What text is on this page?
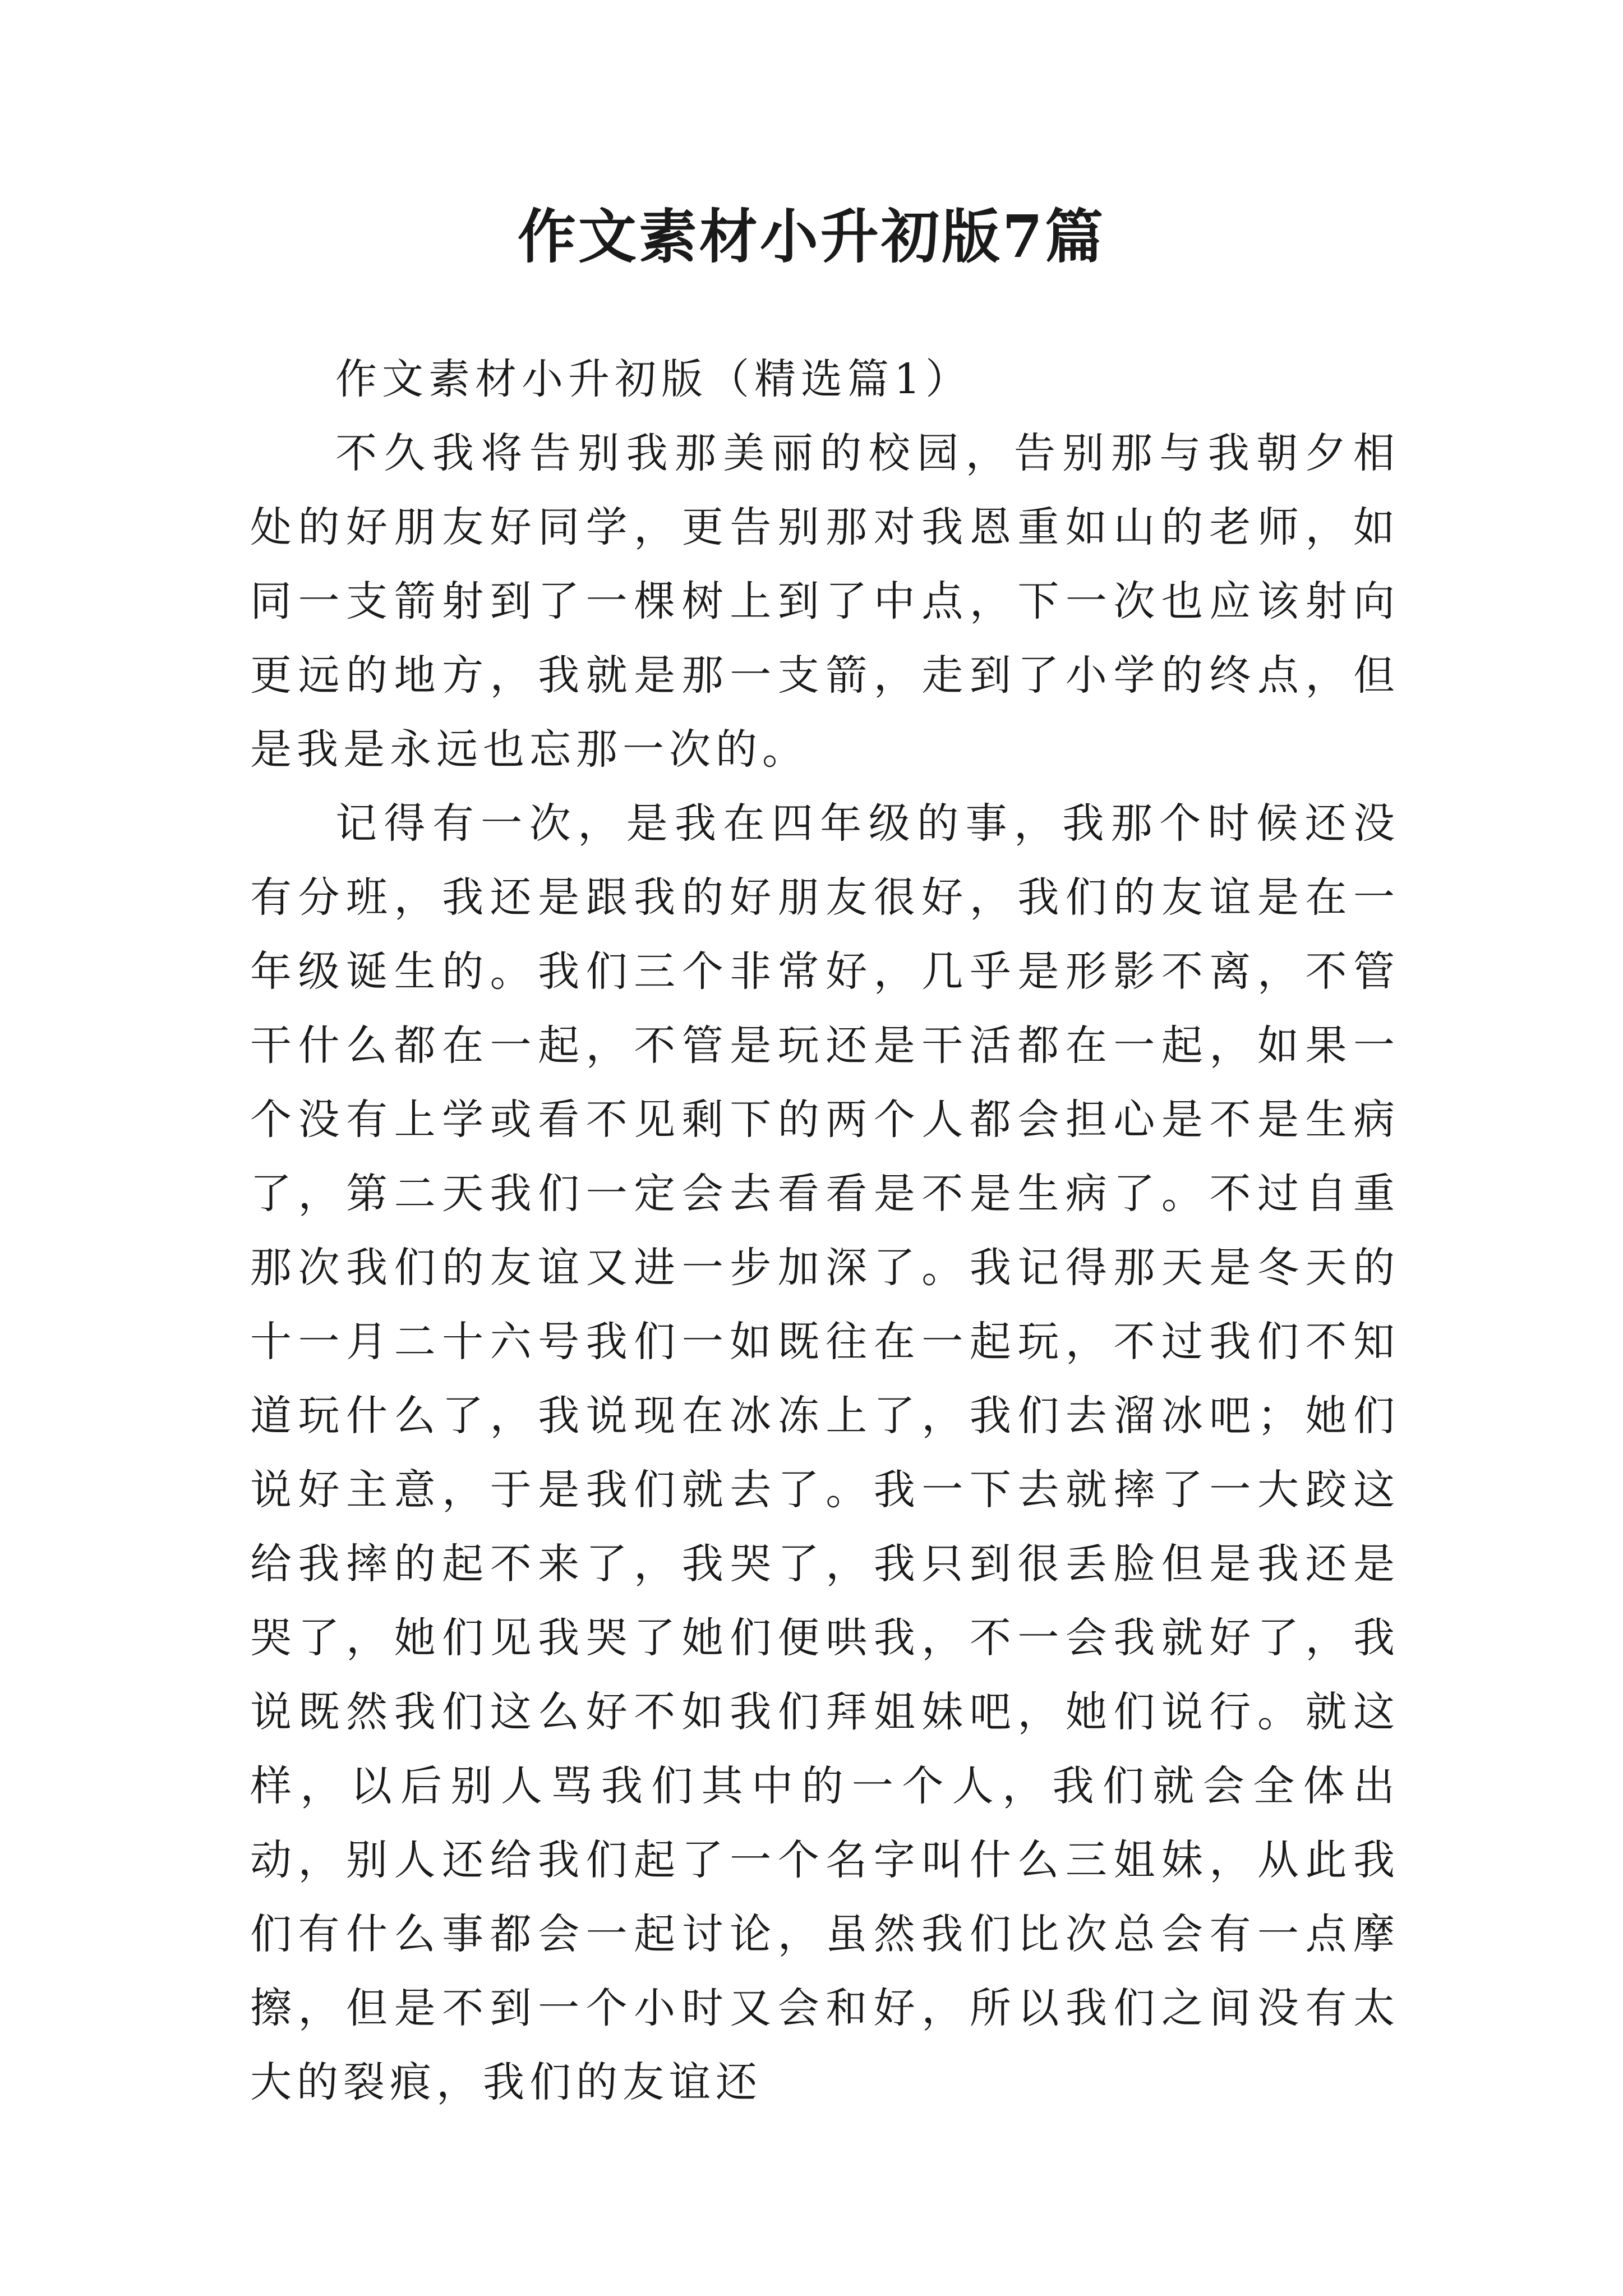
作文素材小升初版7篇
作文素材小升初版（精选篇1）

不久我将告别我那美丽的校园，告别那与我朝夕相处的好朋友好同学，更告别那对我恩重如山的老师，如同一支箭射到了一棵树上到了中点，下一次也应该射向更远的地方，我就是那一支箭，走到了小学的终点，但是我是永远也忘那一次的。

记得有一次，是我在四年级的事，我那个时候还没有分班，我还是跟我的好朋友很好，我们的友谊是在一年级诞生的。我们三个非常好，几乎是形影不离，不管干什么都在一起，不管是玩还是干活都在一起，如果一个没有上学或看不见剩下的两个人都会担心是不是生病了，第二天我们一定会去看看是不是生病了。不过自重那次我们的友谊又进一步加深了。我记得那天是冬天的十一月二十六号我们一如既往在一起玩，不过我们不知道玩什么了，我说现在冰冻上了，我们去溜冰吧；她们说好主意，于是我们就去了。我一下去就摔了一大跤这给我摔的起不来了，我哭了，我只到很丢脸但是我还是哭了，她们见我哭了她们便哄我，不一会我就好了，我说既然我们这么好不如我们拜姐妹吧，她们说行。就这样，以后别人骂我们其中的一个人，我们就会全体出动，别人还给我们起了一个名字叫什么三姐妹，从此我们有什么事都会一起讨论，虽然我们比次总会有一点摩擦，但是不到一个小时又会和好，所以我们之间没有太大的裂痕，我们的友谊还
